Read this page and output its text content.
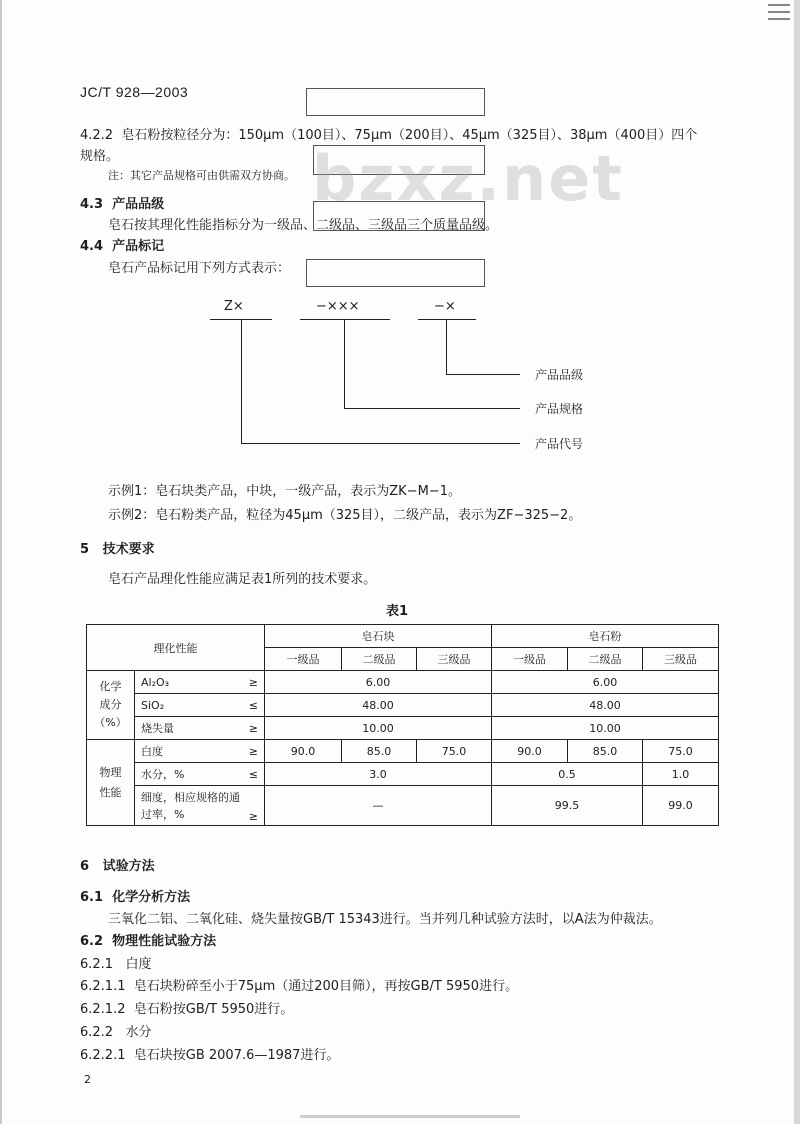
JC/T 928—2003
bzxz.net
4.2.2 皂石粉按粒径分为：150μm（100目）、75μm（200目）、45μm（325目）、38μm（400目）四个
规格。
注：其它产品规格可由供需双方协商。
4.3 产品品级
皂石按其理化性能指标分为一级品、二级品、三级品三个质量品级。
4.4 产品标记
皂石产品标记用下列方式表示：
Z×	−×××	−×
产品品级
产品规格
产品代号
示例1：皂石块类产品，中块，一级产品，表示为ZK−M−1。
示例2：皂石粉类产品，粒径为45μm（325目），二级产品，表示为ZF−325−2。
5 技术要求
皂石产品理化性能应满足表1所列的技术要求。
表1
理化性能		皂石块			皂石粉		
		一级品	二级品	三级品	一级品	二级品	三级品
化学
成分
（%）	Al₂O₃ ≥	6.00			6.00		

	SiO₂ ≤	48.00			48.00		

	烧失量 ≥	10.00			10.00		
物理
性能	白度 ≥	90.0	85.0	75.0	90.0	85.0	75.0

	水分，% ≤	3.0			0.5		1.0

	细度，相应规格的通过率，% ≥	—			99.5		99.0
6 试验方法
6.1 化学分析方法
三氧化二铝、二氧化硅、烧失量按GB/T 15343进行。当并列几种试验方法时，以A法为仲裁法。
6.2 物理性能试验方法
6.2.1 白度
6.2.1.1 皂石块粉碎至小于75μm（通过200目筛），再按GB/T 5950进行。
6.2.1.2 皂石粉按GB/T 5950进行。
6.2.2 水分
6.2.2.1 皂石块按GB 2007.6—1987进行。
2
